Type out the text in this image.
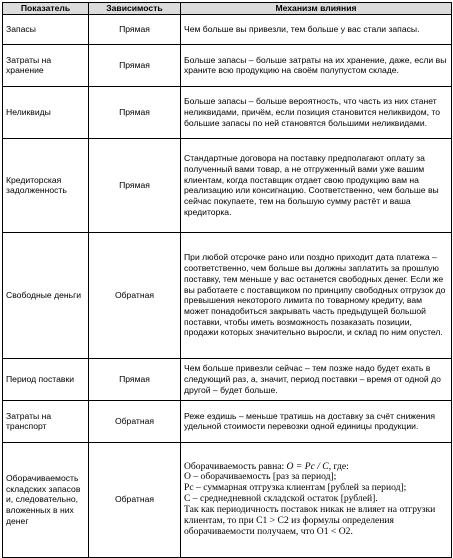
Показатель	Зависимость	Механизм влияния
Запасы	Прямая	Чем больше вы привезли, тем больше у вас стали запасы.
Затраты на хранение	Прямая	Больше запасы – больше затраты на их хранение, даже, если вы храните всю продукцию на своём полупустом складе.
Неликвиды	Прямая	Больше запасы – больше вероятность, что часть из них станет неликвидами, причём, если позиция становится неликвидом, то большие запасы по ней становятся большими неликвидами.
Кредиторская задолженность	Прямая	Стандартные договора на поставку предполагают оплату за полученный вами товар, а не отгруженный вами уже вашим клиентам, когда поставщик отдает свою продукцию вам на реализацию или консигнацию. Соответственно, чем больше вы сейчас покупаете, тем на большую сумму растёт и ваша кредиторка.
Свободные деньги	Обратная	При любой отсрочке рано или поздно приходит дата платежа – соответственно, чем больше вы должны заплатить за прошлую поставку, тем меньше у вас останется свободных денег. Если же вы работаете с поставщиком по принципу свободных отгрузок до превышения некоторого лимита по товарному кредиту, вам может понадобиться закрывать часть предыдущей большой поставки, чтобы иметь возможность позаказать позиции, продажи которых значительно выросли, и склад по ним опустел.
Период поставки	Прямая	Чем больше привезли сейчас – тем позже надо будет ехать в следующий раз, а, значит, период поставки – время от одной до другой – будет больше.
Затраты на транспорт	Обратная	Реже ездишь – меньше тратишь на доставку за счёт снижения удельной стоимости перевозки одной единицы продукции.
Оборачиваемость складских запасов и, следовательно, вложенных в них денег	Обратная	Оборачиваемость равна: O = Pс / C, где:
O – оборачиваемость [раз за период];
Pс – суммарная отгрузка клиентам [рублей за период];
C – среднедневной складской остаток [рублей].
Так как периодичность поставок никак не влияет на отгрузки клиентам, то при C1 > C2 из формулы определения оборачиваемости получаем, что O1 < O2.
